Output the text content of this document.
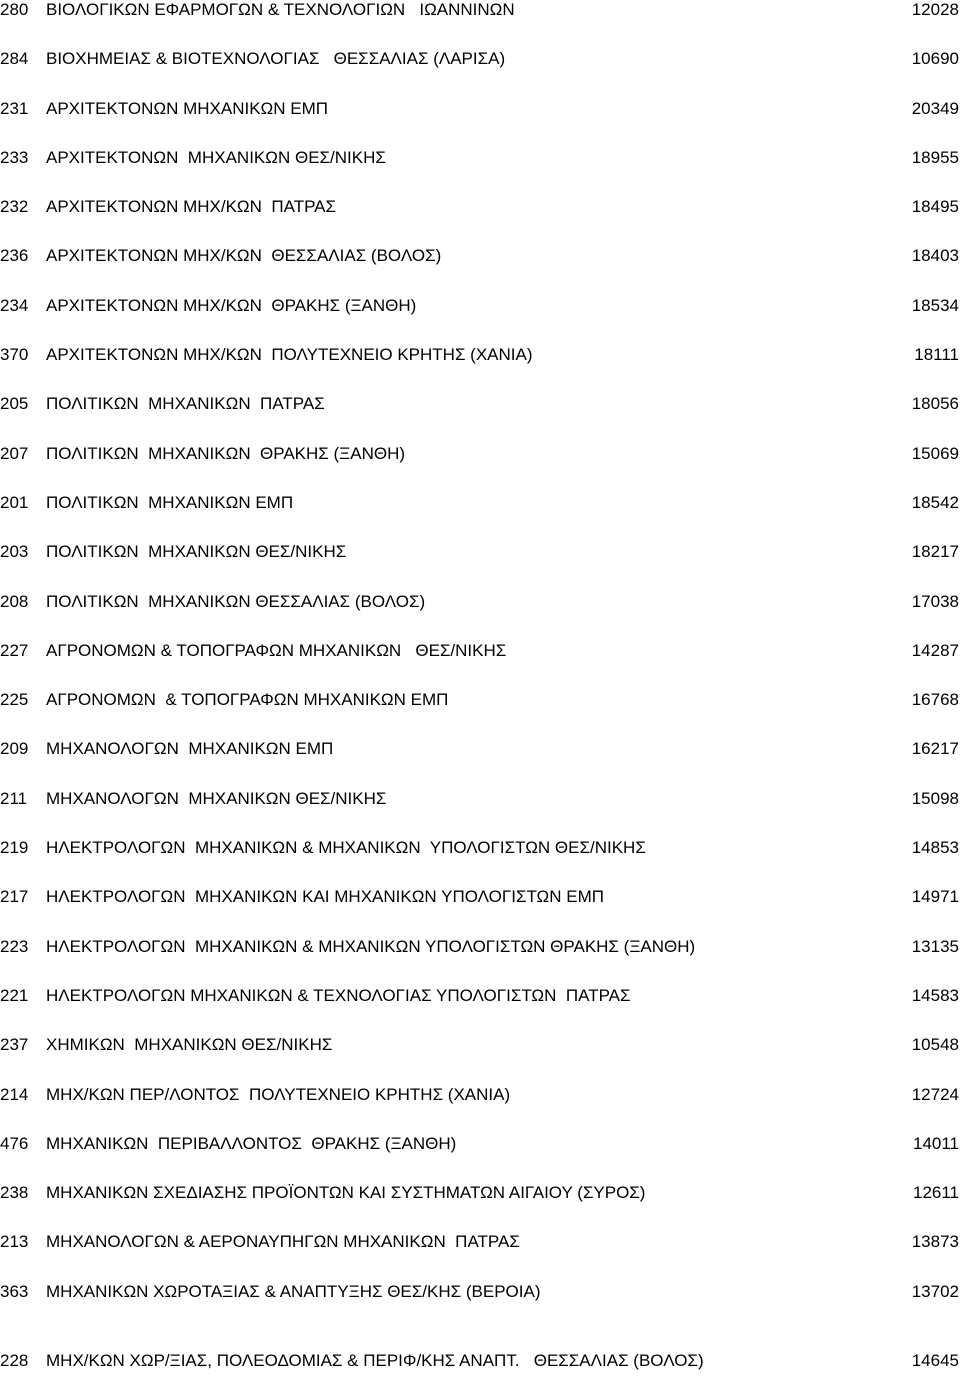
280 ΒΙΟΛΟΓΙΚΩΝ ΕΦΑΡΜΟΓΩΝ & ΤΕΧΝΟΛΟΓΙΩΝ   ΙΩΑΝΝΙΝΩΝ	12028
284 ΒΙΟΧΗΜΕΙΑΣ & ΒΙΟΤΕΧΝΟΛΟΓΙΑΣ   ΘΕΣΣΑΛΙΑΣ (ΛΑΡΙΣΑ)	10690
231 ΑΡΧΙΤΕΚΤΟΝΩΝ ΜΗΧΑΝΙΚΩΝ ΕΜΠ	20349
233 ΑΡΧΙΤΕΚΤΟΝΩΝ  ΜΗΧΑΝΙΚΩΝ ΘΕΣ/ΝΙΚΗΣ	18955
232 ΑΡΧΙΤΕΚΤΟΝΩΝ ΜΗΧ/ΚΩΝ  ΠΑΤΡΑΣ	18495
236 ΑΡΧΙΤΕΚΤΟΝΩΝ ΜΗΧ/ΚΩΝ  ΘΕΣΣΑΛΙΑΣ (ΒΟΛΟΣ)	18403
234 ΑΡΧΙΤΕΚΤΟΝΩΝ ΜΗΧ/ΚΩΝ  ΘΡΑΚΗΣ (ΞΑΝΘΗ)	18534
370 ΑΡΧΙΤΕΚΤΟΝΩΝ ΜΗΧ/ΚΩΝ  ΠΟΛΥΤΕΧΝΕΙΟ ΚΡΗΤΗΣ (ΧΑΝΙΑ)	18111
205 ΠΟΛΙΤΙΚΩΝ  ΜΗΧΑΝΙΚΩΝ  ΠΑΤΡΑΣ	18056
207 ΠΟΛΙΤΙΚΩΝ  ΜΗΧΑΝΙΚΩΝ  ΘΡΑΚΗΣ (ΞΑΝΘΗ)	15069
201 ΠΟΛΙΤΙΚΩΝ  ΜΗΧΑΝΙΚΩΝ ΕΜΠ	18542
203 ΠΟΛΙΤΙΚΩΝ  ΜΗΧΑΝΙΚΩΝ ΘΕΣ/ΝΙΚΗΣ	18217
208 ΠΟΛΙΤΙΚΩΝ  ΜΗΧΑΝΙΚΩΝ ΘΕΣΣΑΛΙΑΣ (ΒΟΛΟΣ)	17038
227 ΑΓΡΟΝΟΜΩΝ & ΤΟΠΟΓΡΑΦΩΝ ΜΗΧΑΝΙΚΩΝ   ΘΕΣ/ΝΙΚΗΣ	14287
225 ΑΓΡΟΝΟΜΩΝ  & ΤΟΠΟΓΡΑΦΩΝ ΜΗΧΑΝΙΚΩΝ ΕΜΠ	16768
209 ΜΗΧΑΝΟΛΟΓΩΝ  ΜΗΧΑΝΙΚΩΝ ΕΜΠ	16217
211 ΜΗΧΑΝΟΛΟΓΩΝ  ΜΗΧΑΝΙΚΩΝ ΘΕΣ/ΝΙΚΗΣ	15098
219 ΗΛΕΚΤΡΟΛΟΓΩΝ  ΜΗΧΑΝΙΚΩΝ & ΜΗΧΑΝΙΚΩΝ  ΥΠΟΛΟΓΙΣΤΩΝ ΘΕΣ/ΝΙΚΗΣ	14853
217 ΗΛΕΚΤΡΟΛΟΓΩΝ  ΜΗΧΑΝΙΚΩΝ ΚΑΙ ΜΗΧΑΝΙΚΩΝ ΥΠΟΛΟΓΙΣΤΩΝ ΕΜΠ	14971
223 ΗΛΕΚΤΡΟΛΟΓΩΝ  ΜΗΧΑΝΙΚΩΝ & ΜΗΧΑΝΙΚΩΝ ΥΠΟΛΟΓΙΣΤΩΝ ΘΡΑΚΗΣ (ΞΑΝΘΗ)	13135
221 ΗΛΕΚΤΡΟΛΟΓΩΝ ΜΗΧΑΝΙΚΩΝ & ΤΕΧΝΟΛΟΓΙΑΣ ΥΠΟΛΟΓΙΣΤΩΝ  ΠΑΤΡΑΣ	14583
237 ΧΗΜΙΚΩΝ  ΜΗΧΑΝΙΚΩΝ ΘΕΣ/ΝΙΚΗΣ	10548
214 ΜΗΧ/ΚΩΝ ΠΕΡ/ΛΟΝΤΟΣ  ΠΟΛΥΤΕΧΝΕΙΟ ΚΡΗΤΗΣ (ΧΑΝΙΑ)	12724
476 ΜΗΧΑΝΙΚΩΝ  ΠΕΡΙΒΑΛΛΟΝΤΟΣ  ΘΡΑΚΗΣ (ΞΑΝΘΗ)	14011
238 ΜΗΧΑΝΙΚΩΝ ΣΧΕΔΙΑΣΗΣ ΠΡΟΪΟΝΤΩΝ ΚΑΙ ΣΥΣΤΗΜΑΤΩΝ ΑΙΓΑΙΟΥ (ΣΥΡΟΣ)	12611
213 ΜΗΧΑΝΟΛΟΓΩΝ & ΑΕΡΟΝΑΥΠΗΓΩΝ ΜΗΧΑΝΙΚΩΝ  ΠΑΤΡΑΣ	13873
363 ΜΗΧΑΝΙΚΩΝ ΧΩΡΟΤΑΞΙΑΣ & ΑΝΑΠΤΥΞΗΣ ΘΕΣ/ΚΗΣ (ΒΕΡΟΙΑ)	13702
228 ΜΗΧ/ΚΩΝ ΧΩΡ/ΞΙΑΣ, ΠΟΛΕΟΔΟΜΙΑΣ & ΠΕΡΙΦ/ΚΗΣ ΑΝΑΠΤ.   ΘΕΣΣΑΛΙΑΣ (ΒΟΛΟΣ)	14645
